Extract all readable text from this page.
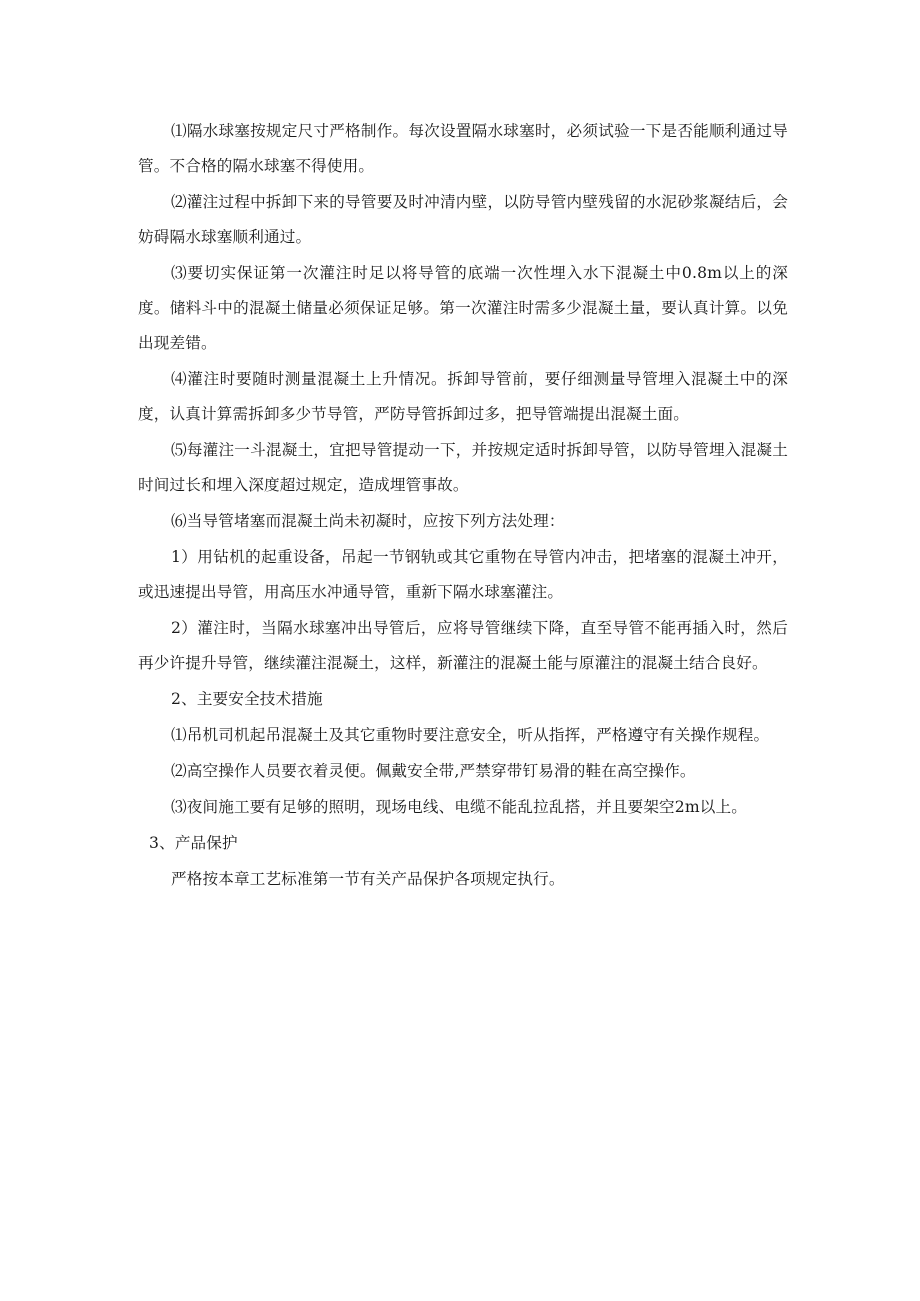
⑴隔水球塞按规定尺寸严格制作。每次设置隔水球塞时，必须试验一下是否能顺利通过导管。不合格的隔水球塞不得使用。

⑵灌注过程中拆卸下来的导管要及时冲清内壁，以防导管内壁残留的水泥砂浆凝结后，会妨碍隔水球塞顺利通过。

⑶要切实保证第一次灌注时足以将导管的底端一次性埋入水下混凝土中0.8m以上的深度。储料斗中的混凝土储量必须保证足够。第一次灌注时需多少混凝土量，要认真计算。以免出现差错。

⑷灌注时要随时测量混凝土上升情况。拆卸导管前，要仔细测量导管埋入混凝土中的深度，认真计算需拆卸多少节导管，严防导管拆卸过多，把导管端提出混凝土面。

⑸每灌注一斗混凝土，宜把导管提动一下，并按规定适时拆卸导管，以防导管埋入混凝土时间过长和埋入深度超过规定，造成埋管事故。

⑹当导管堵塞而混凝土尚未初凝时，应按下列方法处理：

1）用钻机的起重设备，吊起一节钢轨或其它重物在导管内冲击，把堵塞的混凝土冲开，或迅速提出导管，用高压水冲通导管，重新下隔水球塞灌注。

2）灌注时，当隔水球塞冲出导管后，应将导管继续下降，直至导管不能再插入时，然后再少许提升导管，继续灌注混凝土，这样，新灌注的混凝土能与原灌注的混凝土结合良好。

2、主要安全技术措施

⑴吊机司机起吊混凝土及其它重物时要注意安全，听从指挥，严格遵守有关操作规程。

⑵高空操作人员要衣着灵便。佩戴安全带,严禁穿带钉易滑的鞋在高空操作。

⑶夜间施工要有足够的照明，现场电线、电缆不能乱拉乱搭，并且要架空2m以上。

3、产品保护

严格按本章工艺标准第一节有关产品保护各项规定执行。
